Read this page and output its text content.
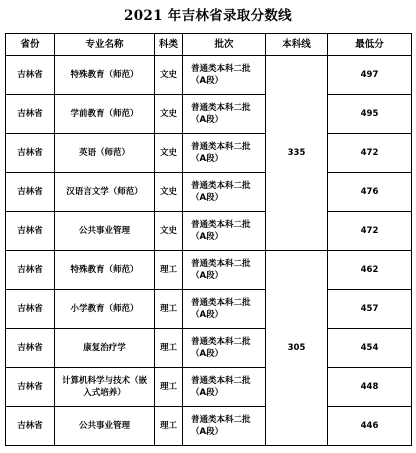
2021 年吉林省录取分数线
省份	专业名称	科类	批次	本科线	最低分
吉林省	特殊教育（师范）	文史	普通类本科二批（A段）	335	497
吉林省	学前教育（师范）	文史	普通类本科二批（A段）		495
吉林省	英语（师范）	文史	普通类本科二批（A段）		472
吉林省	汉语言文学（师范）	文史	普通类本科二批（A段）		476
吉林省	公共事业管理	文史	普通类本科二批（A段）		472
吉林省	特殊教育（师范）	理工	普通类本科二批（A段）	305	462
吉林省	小学教育（师范）	理工	普通类本科二批（A段）		457
吉林省	康复治疗学	理工	普通类本科二批（A段）		454
吉林省	计算机科学与技术（嵌入式培养）	理工	普通类本科二批（A段）		448
吉林省	公共事业管理	理工	普通类本科二批（A段）		446
